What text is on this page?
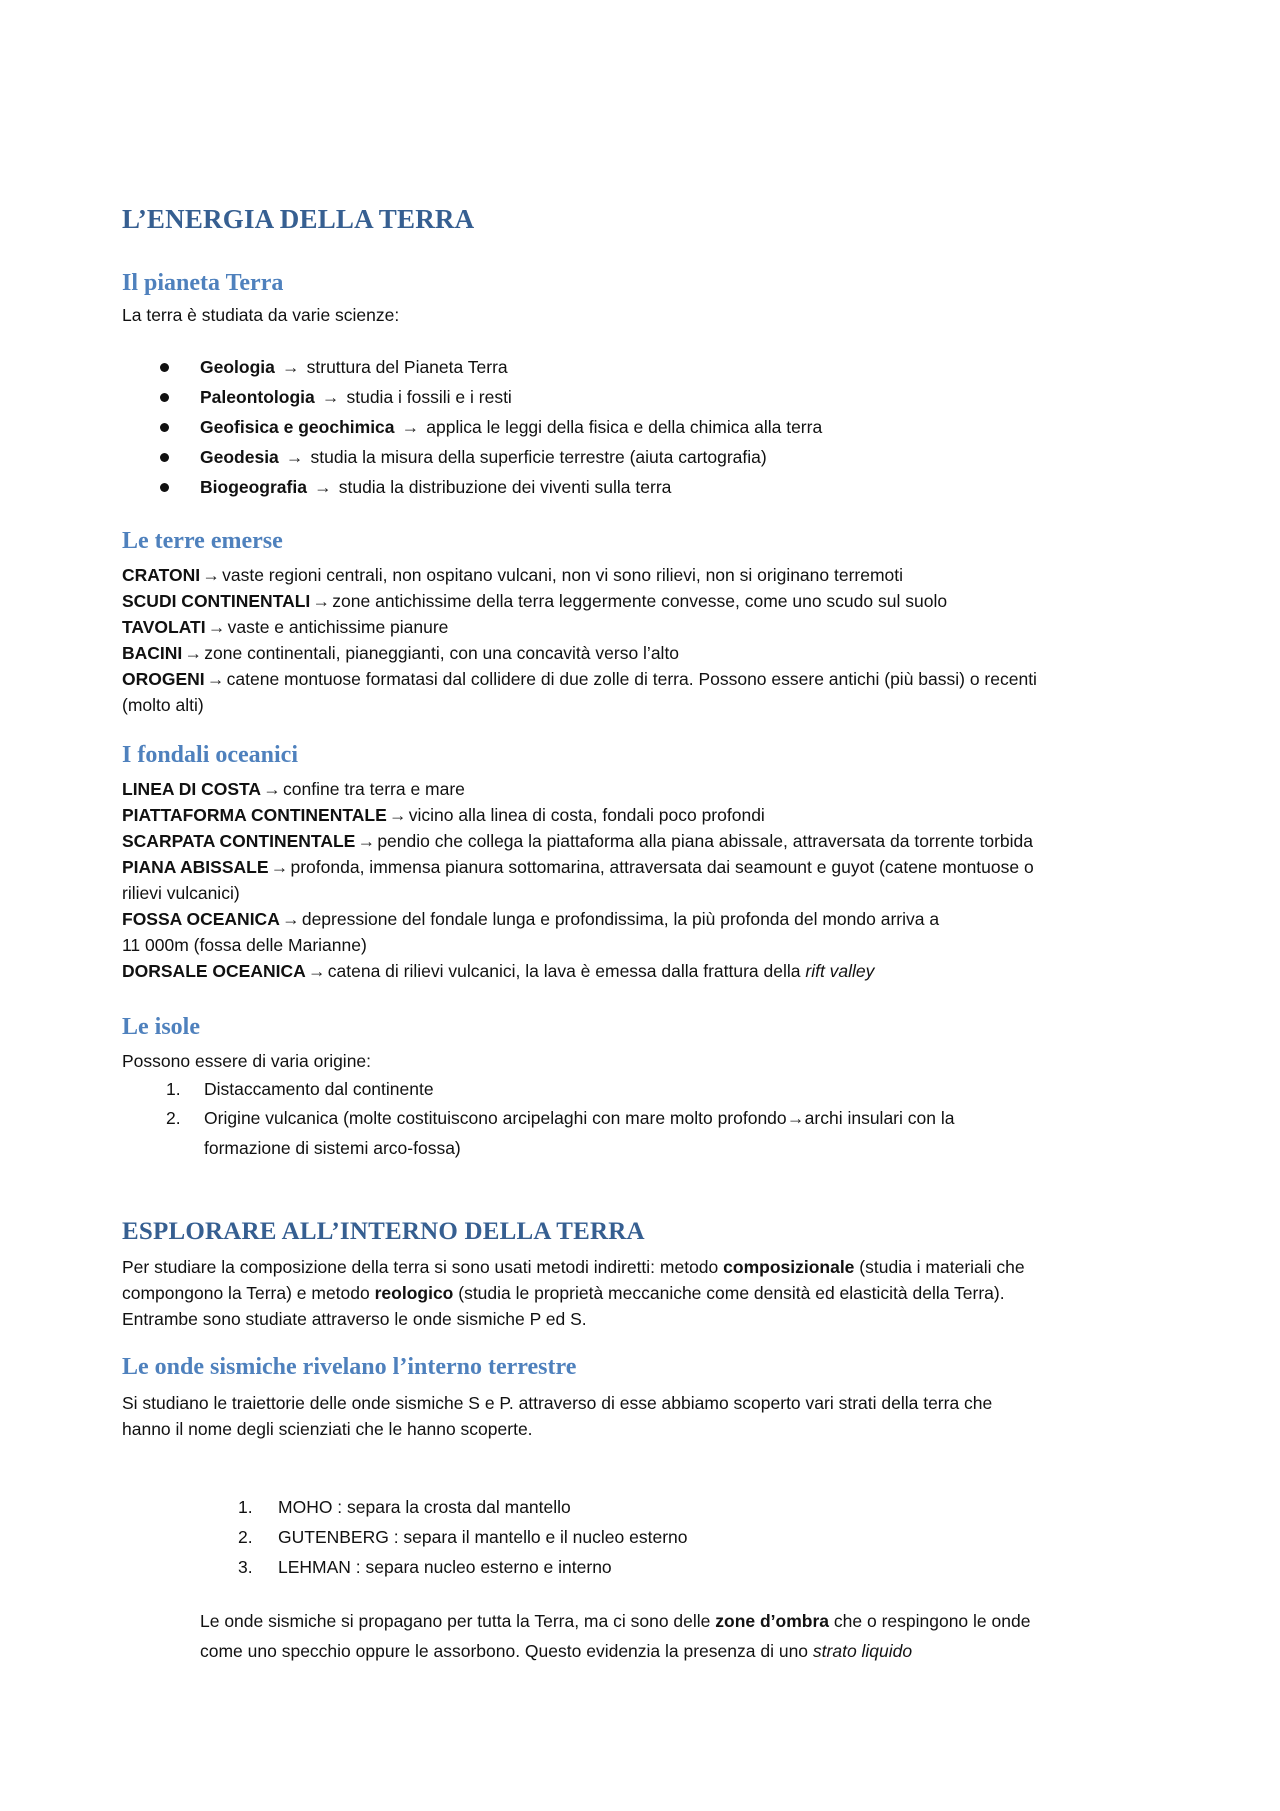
L’ENERGIA DELLA TERRA
Il pianeta Terra

La terra è studiata da varie scienze:

Geologia → struttura del Pianeta Terra
Paleontologia → studia i fossili e i resti
Geofisica e geochimica → applica le leggi della fisica e della chimica alla terra
Geodesia → studia la misura della superficie terrestre (aiuta cartografia)
Biogeografia → studia la distribuzione dei viventi sulla terra
Le terre emerse

CRATONI → vaste regioni centrali, non ospitano vulcani, non vi sono rilievi, non si originano terremoti

SCUDI CONTINENTALI → zone antichissime della terra leggermente convesse, come uno scudo sul suolo

TAVOLATI → vaste e antichissime pianure

BACINI → zone continentali, pianeggianti, con una concavità verso l’alto

OROGENI → catene montuose formatasi dal collidere di due zolle di terra. Possono essere antichi (più bassi) o recenti

(molto alti)

I fondali oceanici

LINEA DI COSTA → confine tra terra e mare

PIATTAFORMA CONTINENTALE → vicino alla linea di costa, fondali poco profondi

SCARPATA CONTINENTALE → pendio che collega la piattaforma alla piana abissale, attraversata da torrente torbida

PIANA ABISSALE → profonda, immensa pianura sottomarina, attraversata dai seamount e guyot (catene montuose o

rilievi vulcanici)

FOSSA OCEANICA → depressione del fondale lunga e profondissima, la più profonda del mondo arriva a

11 000m (fossa delle Marianne)

DORSALE OCEANICA → catena di rilievi vulcanici, la lava è emessa dalla frattura della rift valley

Le isole

Possono essere di varia origine:

1. Distaccamento dal continente
2. Origine vulcanica (molte costituiscono arcipelaghi con mare molto profondo→archi insulari con la
formazione di sistemi arco-fossa)
ESPLORARE ALL’INTERNO DELLA TERRA

Per studiare la composizione della terra si sono usati metodi indiretti: metodo composizionale (studia i materiali che

compongono la Terra) e metodo reologico (studia le proprietà meccaniche come densità ed elasticità della Terra).

Entrambe sono studiate attraverso le onde sismiche P ed S.

Le onde sismiche rivelano l’interno terrestre

Si studiano le traiettorie delle onde sismiche S e P. attraverso di esse abbiamo scoperto vari strati della terra che

hanno il nome degli scienziati che le hanno scoperte.

1. MOHO : separa la crosta dal mantello
2. GUTENBERG : separa il mantello e il nucleo esterno
3. LEHMAN : separa nucleo esterno e interno

Le onde sismiche si propagano per tutta la Terra, ma ci sono delle zone d’ombra che o respingono le onde

come uno specchio oppure le assorbono. Questo evidenzia la presenza di uno strato liquido
